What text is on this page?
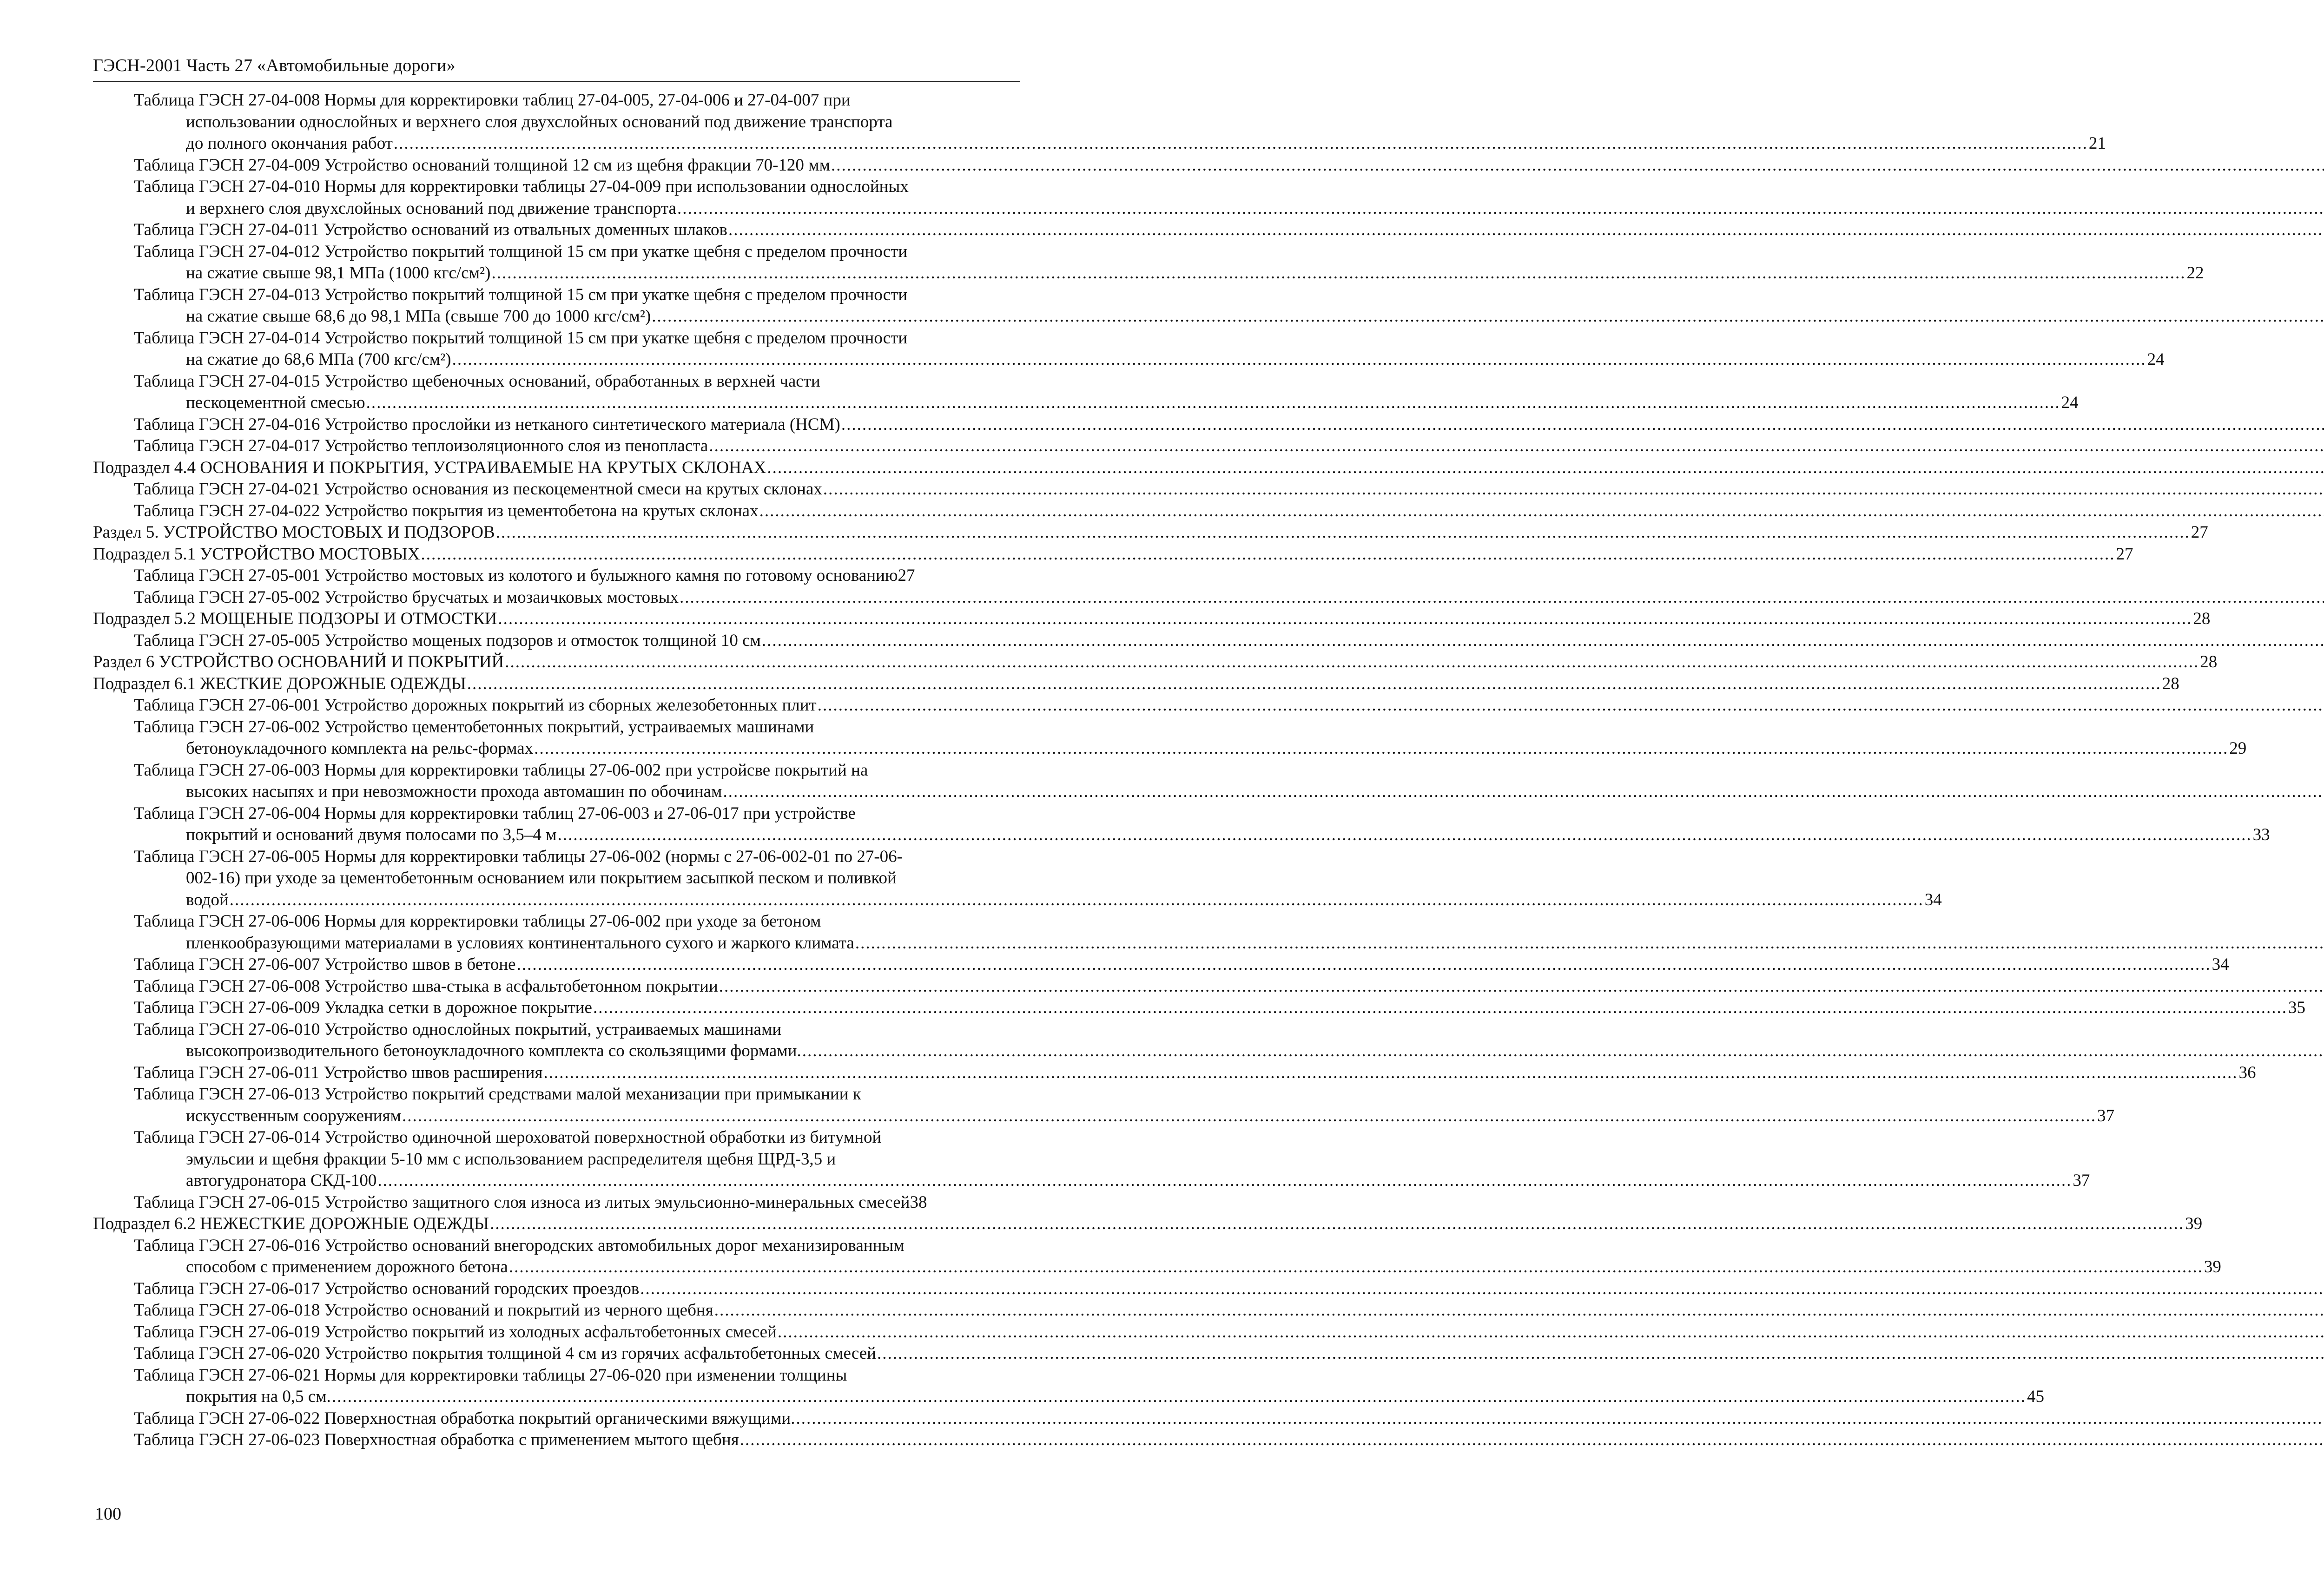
ГЭСН-2001 Часть 27 «Автомобильные дороги»
Таблица ГЭСН 27-04-008 Нормы для корректировки таблиц 27-04-005, 27-04-006 и 27-04-007 при
использовании однослойных и верхнего слоя двухслойных оснований под движение транспорта
до полного окончания работ .....	21
Таблица ГЭСН 27-04-009 Устройство оснований толщиной 12 см из щебня фракции 70-120 мм
.....
Таблица ГЭСН 27-04-010 Нормы для корректировки таблицы 27-04-009 при использовании однослойных
и верхнего слоя двухслойных оснований под движение транспорта
.....
Таблица ГЭСН 27-04-011 Устройство оснований из отвальных доменных шлаков
.....
Таблица ГЭСН 27-04-012 Устройство покрытий толщиной 15 см при укатке щебня с пределом прочности
на сжатие свыше 98,1 МПа (1000 кгс/см²) .....	22
Таблица ГЭСН 27-04-013 Устройство покрытий толщиной 15 см при укатке щебня с пределом прочности
на сжатие свыше 68,6 до 98,1 МПа (свыше 700 до 1000 кгс/см²)
.....
Таблица ГЭСН 27-04-014 Устройство покрытий толщиной 15 см при укатке щебня с пределом прочности
на сжатие до 68,6 МПа (700 кгс/см²) .....	24
Таблица ГЭСН 27-04-015 Устройство щебеночных оснований, обработанных в верхней части
пескоцементной смесью .....	24
Таблица ГЭСН 27-04-016 Устройство прослойки из нетканого синтетического материала (НСМ)
.....
Таблица ГЭСН 27-04-017 Устройство теплоизоляционного слоя из пенопласта
.....
Подраздел 4.4 ОСНОВАНИЯ И ПОКРЫТИЯ, УСТРАИВАЕМЫЕ НА КРУТЫХ СКЛОНАХ
.....
Таблица ГЭСН 27-04-021 Устройство основания из пескоцементной смеси на крутых склонах
.....
Таблица ГЭСН 27-04-022 Устройство покрытия из цементобетона на крутых склонах
.....
Раздел 5. УСТРОЙСТВО МОСТОВЫХ И ПОДЗОРОВ .....	27
Подраздел 5.1 УСТРОЙСТВО МОСТОВЫХ .....	27
Таблица ГЭСН 27-05-001 Устройство мостовых из колотого и булыжного камня по готовому основанию 27
Таблица ГЭСН 27-05-002 Устройство брусчатых и мозаичковых мостовых
.....
Подраздел 5.2 МОЩЕНЫЕ ПОДЗОРЫ И ОТМОСТКИ .....	28
Таблица ГЭСН 27-05-005 Устройство мощеных подзоров и отмосток толщиной 10 см
.....
Раздел 6 УСТРОЙСТВО ОСНОВАНИЙ И ПОКРЫТИЙ .....	28
Подраздел 6.1 ЖЕСТКИЕ ДОРОЖНЫЕ ОДЕЖДЫ .....	28
Таблица ГЭСН 27-06-001 Устройство дорожных покрытий из сборных железобетонных плит
.....
Таблица ГЭСН 27-06-002 Устройство цементобетонных покрытий, устраиваемых машинами
бетоноукладочного комплекта на рельс-формах .....	29
Таблица ГЭСН 27-06-003 Нормы для корректировки таблицы 27-06-002 при устройсве покрытий на
высоких насыпях и при невозможности прохода автомашин по обочинам
.....
Таблица ГЭСН 27-06-004 Нормы для корректировки таблиц 27-06-003 и 27-06-017 при устройстве
покрытий и оснований двумя полосами по 3,5–4 м .....	33
Таблица ГЭСН 27-06-005 Нормы для корректировки таблицы 27-06-002 (нормы с 27-06-002-01 по 27-06-
002-16) при уходе за цементобетонным основанием или покрытием засыпкой песком и поливкой
водой .....	34
Таблица ГЭСН 27-06-006 Нормы для корректировки таблицы 27-06-002 при уходе за бетоном
пленкообразующими материалами в условиях континентального сухого и жаркого климата
.....
Таблица ГЭСН 27-06-007 Устройство швов в бетоне .....	34
Таблица ГЭСН 27-06-008 Устройство шва-стыка в асфальтобетонном покрытии
.....
Таблица ГЭСН 27-06-009 Укладка сетки в дорожное покрытие .....	35
Таблица ГЭСН 27-06-010 Устройство однослойных покрытий, устраиваемых машинами
высокопроизводительного бетоноукладочного комплекта со скользящими формами.
.....
Таблица ГЭСН 27-06-011 Устройство швов расширения .....	36
Таблица ГЭСН 27-06-013 Устройство покрытий средствами малой механизации при примыкании к
искусственным сооружениям .....	37
Таблица ГЭСН 27-06-014 Устройство одиночной шероховатой поверхностной обработки из битумной
эмульсии и щебня фракции 5-10 мм с использованием распределителя щебня ЩРД-3,5 и
автогудронатора СКД-100 .....	37
Таблица ГЭСН 27-06-015 Устройство защитного слоя износа из литых эмульсионно-минеральных смесей 38
Подраздел 6.2 НЕЖЕСТКИЕ ДОРОЖНЫЕ ОДЕЖДЫ .....	39
Таблица ГЭСН 27-06-016 Устройство оснований внегородских автомобильных дорог механизированным
способом с применением дорожного бетона .....	39
Таблица ГЭСН 27-06-017 Устройство оснований городских проездов
.....
Таблица ГЭСН 27-06-018 Устройство оснований и покрытий из черного щебня
.....
Таблица ГЭСН 27-06-019 Устройство покрытий из холодных асфальтобетонных смесей
.....
Таблица ГЭСН 27-06-020 Устройство покрытия толщиной 4 см из горячих асфальтобетонных смесей
.....
Таблица ГЭСН 27-06-021 Нормы для корректировки таблицы 27-06-020 при изменении толщины
покрытия на 0,5 см. .....	45
Таблица ГЭСН 27-06-022 Поверхностная обработка покрытий органическими вяжущими.
.....
Таблица ГЭСН 27-06-023 Поверхностная обработка с применением мытого щебня
.....
100
